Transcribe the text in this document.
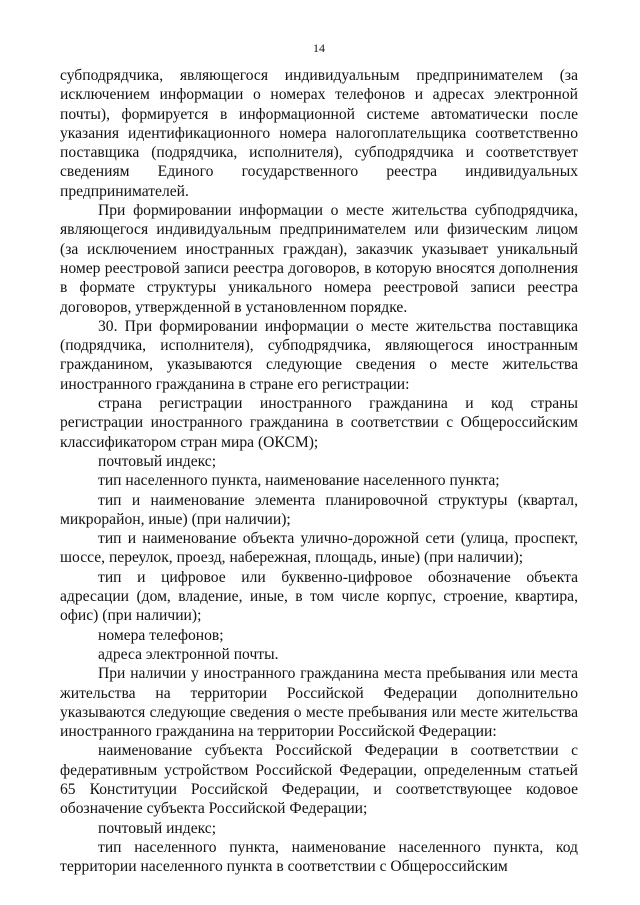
14

субподрядчика, являющегося индивидуальным предпринимателем (за исключением информации о номерах телефонов и адресах электронной почты), формируется в информационной системе автоматически после указания идентификационного номера налогоплательщика соответственно поставщика (подрядчика, исполнителя), субподрядчика и соответствует сведениям Единого государственного реестра индивидуальных предпринимателей.

При формировании информации о месте жительства субподрядчика, являющегося индивидуальным предпринимателем или физическим лицом (за исключением иностранных граждан), заказчик указывает уникальный номер реестровой записи реестра договоров, в которую вносятся дополнения в формате структуры уникального номера реестровой записи реестра договоров, утвержденной в установленном порядке.

30. При формировании информации о месте жительства поставщика (подрядчика, исполнителя), субподрядчика, являющегося иностранным гражданином, указываются следующие сведения о месте жительства иностранного гражданина в стране его регистрации:

страна регистрации иностранного гражданина и код страны регистрации иностранного гражданина в соответствии с Общероссийским классификатором стран мира (ОКСМ);

почтовый индекс;

тип населенного пункта, наименование населенного пункта;

тип и наименование элемента планировочной структуры (квартал, микрорайон, иные) (при наличии);

тип и наименование объекта улично-дорожной сети (улица, проспект, шоссе, переулок, проезд, набережная, площадь, иные) (при наличии);

тип и цифровое или буквенно-цифровое обозначение объекта адресации (дом, владение, иные, в том числе корпус, строение, квартира, офис) (при наличии);

номера телефонов;

адреса электронной почты.

При наличии у иностранного гражданина места пребывания или места жительства на территории Российской Федерации дополнительно указываются следующие сведения о месте пребывания или месте жительства иностранного гражданина на территории Российской Федерации:

наименование субъекта Российской Федерации в соответствии с федеративным устройством Российской Федерации, определенным статьей 65 Конституции Российской Федерации, и соответствующее кодовое обозначение субъекта Российской Федерации;

почтовый индекс;

тип населенного пункта, наименование населенного пункта, код территории населенного пункта в соответствии с Общероссийским
